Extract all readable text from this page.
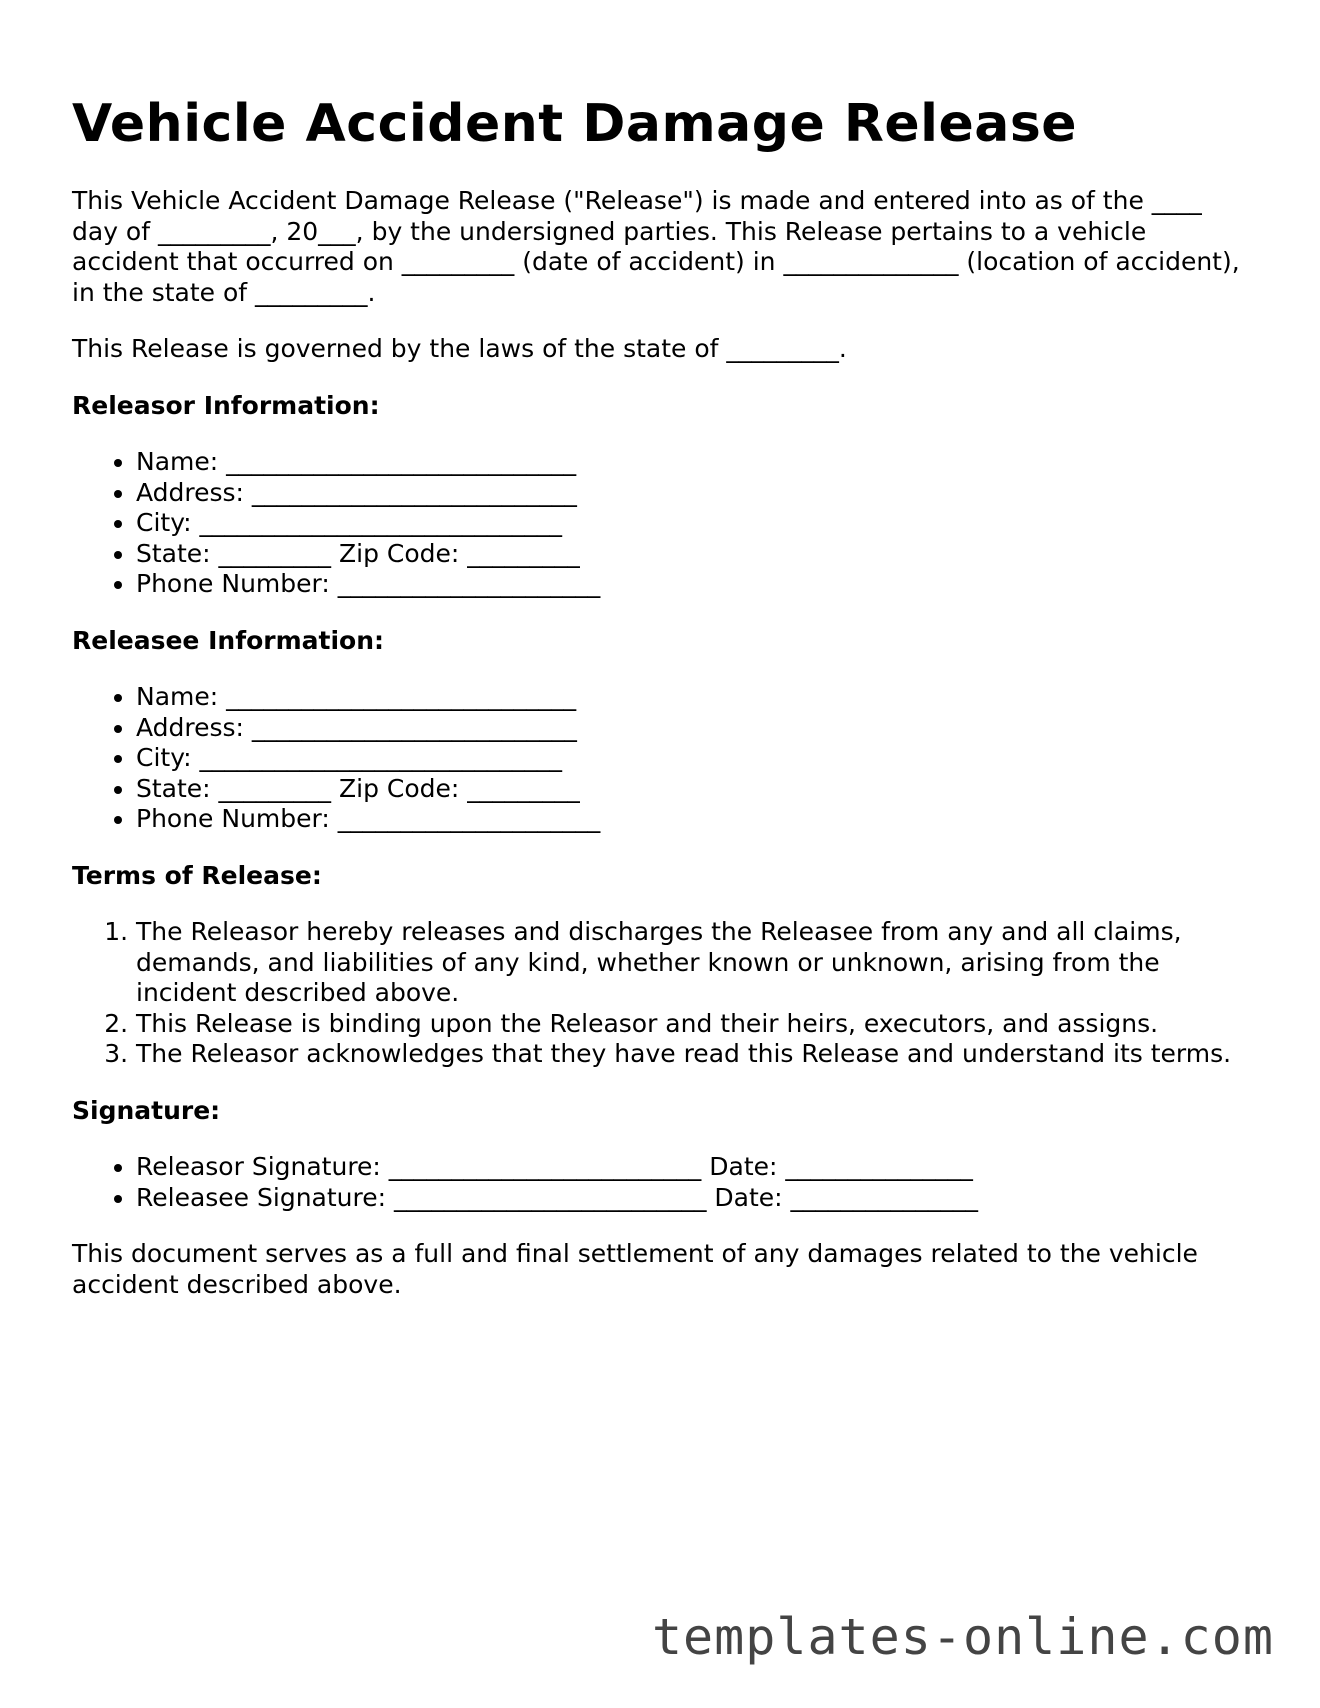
Vehicle Accident Damage Release

This Vehicle Accident Damage Release ("Release") is made and entered into as of the ____ day of _________, 20___, by the undersigned parties. This Release pertains to a vehicle accident that occurred on _________ (date of accident) in ______________ (location of accident), in the state of _________.

This Release is governed by the laws of the state of _________.

Releasor Information:
• Name: ____________________________
• Address: __________________________
• City: _____________________________
• State: _________ Zip Code: _________
• Phone Number: _____________________
Releasee Information:
• Name: ____________________________
• Address: __________________________
• City: _____________________________
• State: _________ Zip Code: _________
• Phone Number: _____________________
Terms of Release:
1. The Releasor hereby releases and discharges the Releasee from any and all claims, demands, and liabilities of any kind, whether known or unknown, arising from the incident described above.
2. This Release is binding upon the Releasor and their heirs, executors, and assigns.
3. The Releasor acknowledges that they have read this Release and understand its terms.
Signature:
• Releasor Signature: _________________________ Date: _______________
• Releasee Signature: _________________________ Date: _______________

This document serves as a full and final settlement of any damages related to the vehicle accident described above.

templates-online.com
